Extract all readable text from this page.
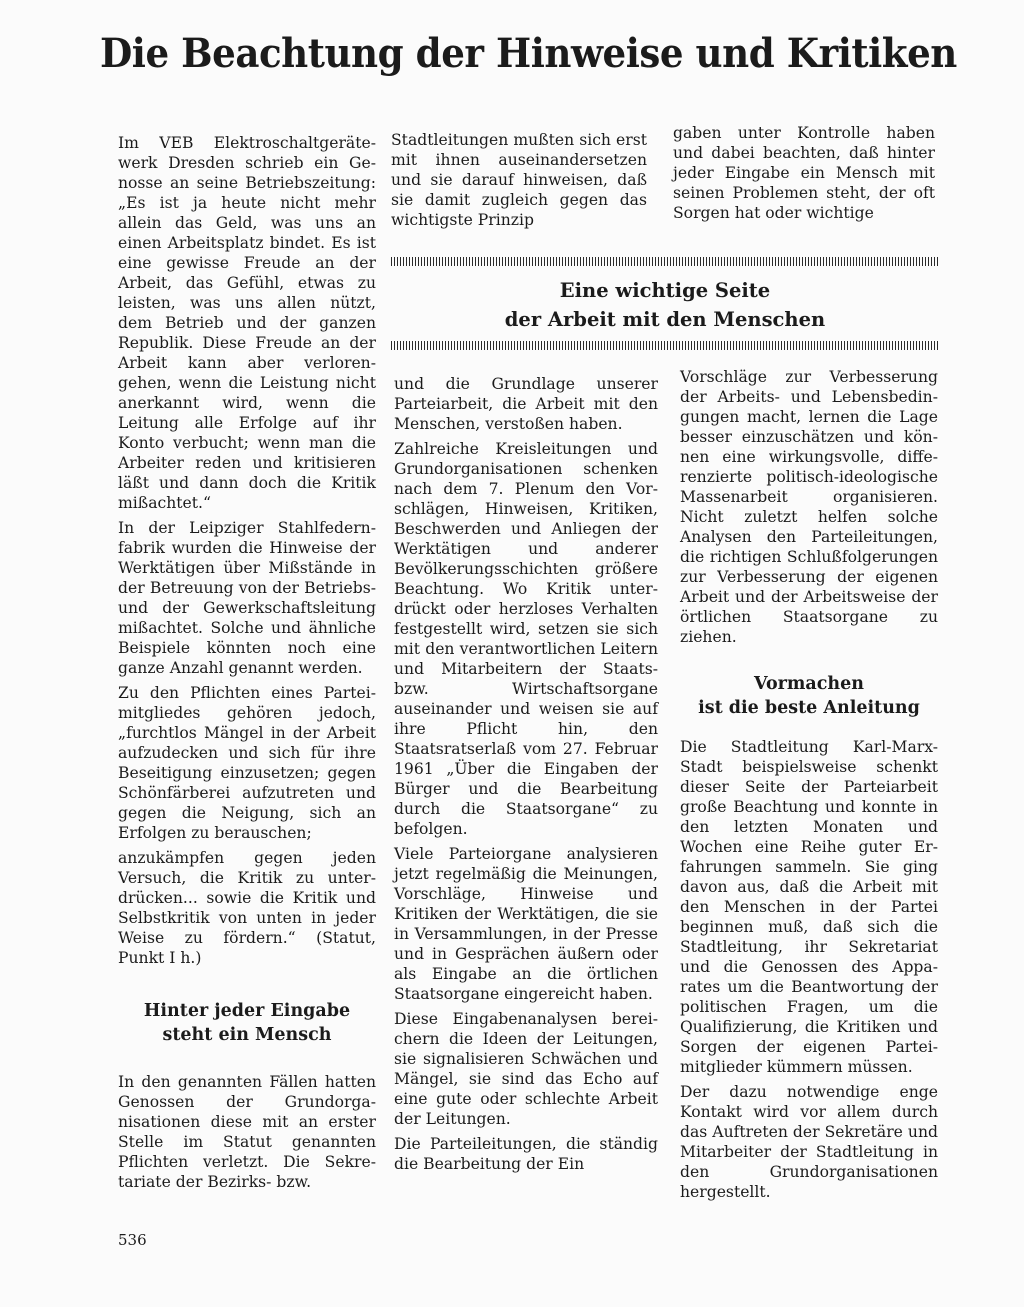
Die Beachtung der Hinweise und Kritiken

Im VEB Elektroschaltgerätewerk Dresden schrieb ein Genosse an seine Betriebszeitung: „Es ist ja heute nicht mehr allein das Geld, was uns an einen Arbeitsplatz bindet. Es ist eine gewisse Freude an der Arbeit, das Gefühl, etwas zu leisten, was uns allen nützt, dem Betrieb und der ganzen Republik. Diese Freude an der Arbeit kann aber verlorengehen, wenn die Leistung nicht anerkannt wird, wenn die Leitung alle Erfolge auf ihr Konto verbucht; wenn man die Arbeiter reden und kritisieren läßt und dann doch die Kritik mißachtet.“

In der Leipziger Stahlfedernfabrik wurden die Hinweise der Werktätigen über Mißstände in der Betreuung von der Betriebs- und der Gewerkschaftsleitung mißachtet. Solche und ähnliche Beispiele könnten noch eine ganze Anzahl genannt werden.

Zu den Pflichten eines Parteimitgliedes gehören jedoch, „furchtlos Mängel in der Arbeit aufzudecken und sich für ihre Beseitigung einzusetzen; gegen Schönfärberei aufzutreten und gegen die Neigung, sich an Erfolgen zu berauschen;

anzukämpfen gegen jeden Versuch, die Kritik zu unterdrücken... sowie die Kritik und Selbstkritik von unten in jeder Weise zu fördern.“ (Statut, Punkt I h.)

Hinter jeder Eingabe
steht ein Mensch

In den genannten Fällen hatten Genossen der Grundorganisationen diese mit an erster Stelle im Statut genannten Pflichten verletzt. Die Sekretariate der Bezirks- bzw.

Stadtleitungen mußten sich erst mit ihnen auseinandersetzen und sie darauf hinweisen, daß sie damit zugleich gegen das wichtigste Prinzip

gaben unter Kontrolle haben und dabei beachten, daß hinter jeder Eingabe ein Mensch mit seinen Problemen steht, der oft Sorgen hat oder wichtige

Eine wichtige Seite
der Arbeit mit den Menschen

und die Grundlage unserer Parteiarbeit, die Arbeit mit den Menschen, verstoßen haben.

Zahlreiche Kreisleitungen und Grundorganisationen schenken nach dem 7. Plenum den Vorschlägen, Hinweisen, Kritiken, Beschwerden und Anliegen der Werktätigen und anderer Bevölkerungsschichten größere Beachtung. Wo Kritik unterdrückt oder herzloses Verhalten festgestellt wird, setzen sie sich mit den verantwortlichen Leitern und Mitarbeitern der Staats- bzw. Wirtschaftsorgane auseinander und weisen sie auf ihre Pflicht hin, den Staatsratserlaß vom 27. Februar 1961 „Über die Eingaben der Bürger und die Bearbeitung durch die Staatsorgane“ zu befolgen.

Viele Parteiorgane analysieren jetzt regelmäßig die Meinungen, Vorschläge, Hinweise und Kritiken der Werktätigen, die sie in Versammlungen, in der Presse und in Gesprächen äußern oder als Eingabe an die örtlichen Staatsorgane eingereicht haben.

Diese Eingabenanalysen bereichern die Ideen der Leitungen, sie signalisieren Schwächen und Mängel, sie sind das Echo auf eine gute oder schlechte Arbeit der Leitungen.

Die Parteileitungen, die ständig die Bearbeitung der Ein

Vorschläge zur Verbesserung der Arbeits- und Lebensbedingungen macht, lernen die Lage besser einzuschätzen und können eine wirkungsvolle, differenzierte politisch-ideologische Massenarbeit organisieren. Nicht zuletzt helfen solche Analysen den Parteileitungen, die richtigen Schlußfolgerungen zur Verbesserung der eigenen Arbeit und der Arbeitsweise der örtlichen Staatsorgane zu ziehen.

Vormachen
ist die beste Anleitung

Die Stadtleitung Karl-Marx-Stadt beispielsweise schenkt dieser Seite der Parteiarbeit große Beachtung und konnte in den letzten Monaten und Wochen eine Reihe guter Erfahrungen sammeln. Sie ging davon aus, daß die Arbeit mit den Menschen in der Partei beginnen muß, daß sich die Stadtleitung, ihr Sekretariat und die Genossen des Apparates um die Beantwortung der politischen Fragen, um die Qualifizierung, die Kritiken und Sorgen der eigenen Parteimitglieder kümmern müssen.

Der dazu notwendige enge Kontakt wird vor allem durch das Auftreten der Sekretäre und Mitarbeiter der Stadtleitung in den Grundorganisationen hergestellt.

536
